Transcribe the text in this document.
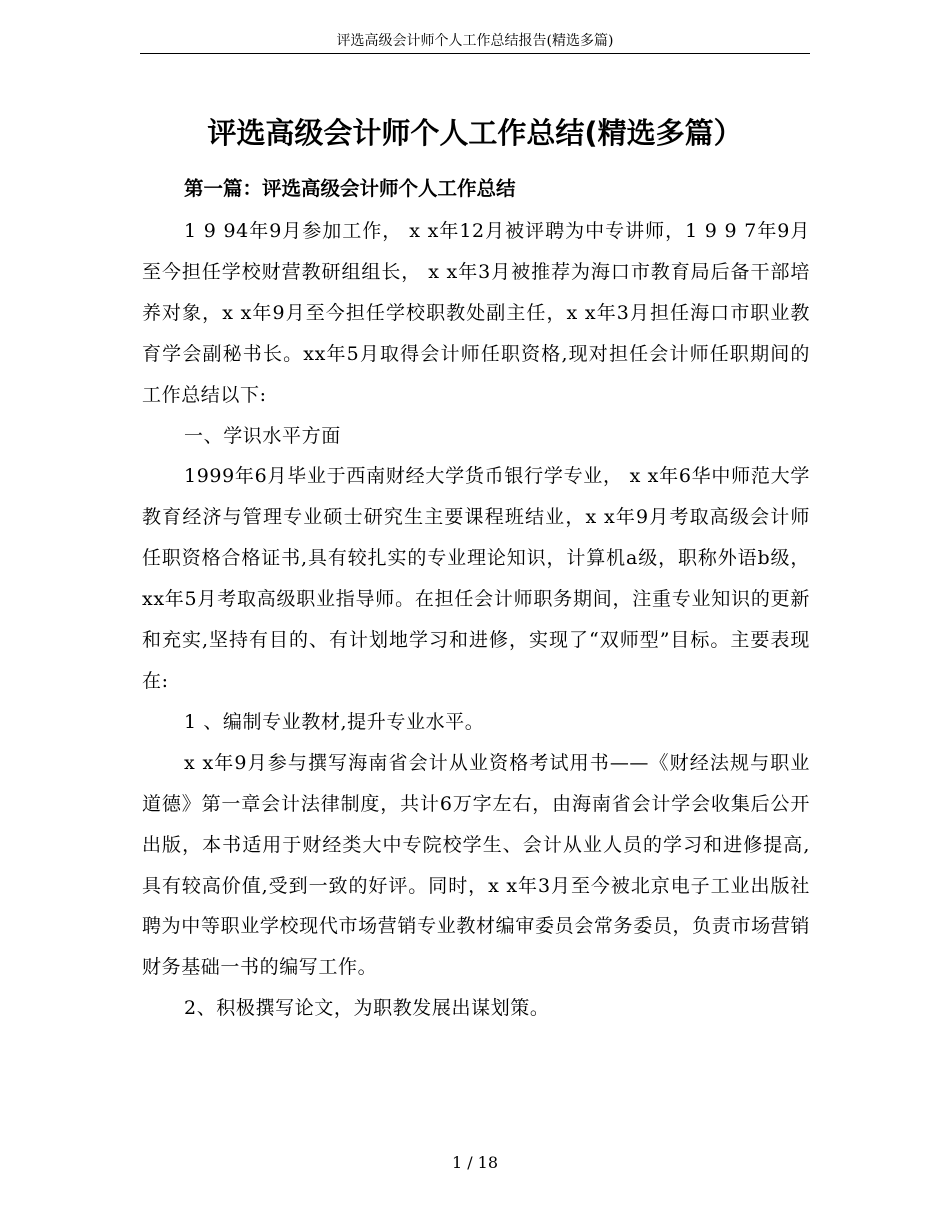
评选高级会计师个人工作总结报告(精选多篇)
评选高级会计师个人工作总结(精选多篇）
第一篇：评选高级会计师个人工作总结

1 9 94年9月参加工作， x x年12月被评聘为中专讲师，1 9 9 7年9月至今担任学校财营教研组组长， x x年3月被推荐为海口市教育局后备干部培养对象，x x年9月至今担任学校职教处副主任，x x年3月担任海口市职业教育学会副秘书长。xx年5月取得会计师任职资格,现对担任会计师任职期间的工作总结以下:

一、学识水平方面

1999年6月毕业于西南财经大学货币银行学专业， x x年6华中师范大学教育经济与管理专业硕士研究生主要课程班结业，x x年9月考取高级会计师任职资格合格证书,具有较扎实的专业理论知识，计算机a级，职称外语b级，xx年5月考取高级职业指导师。在担任会计师职务期间，注重专业知识的更新和充实,坚持有目的、有计划地学习和进修，实现了“双师型”目标。主要表现在:

1 、编制专业教材,提升专业水平。

x x年9月参与撰写海南省会计从业资格考试用书——《财经法规与职业道德》第一章会计法律制度，共计6万字左右，由海南省会计学会收集后公开出版，本书适用于财经类大中专院校学生、会计从业人员的学习和进修提高,具有较高价值,受到一致的好评。同时，x x年3月至今被北京电子工业出版社聘为中等职业学校现代市场营销专业教材编审委员会常务委员，负责市场营销财务基础一书的编写工作。

2、积极撰写论文，为职教发展出谋划策。

1 / 18
